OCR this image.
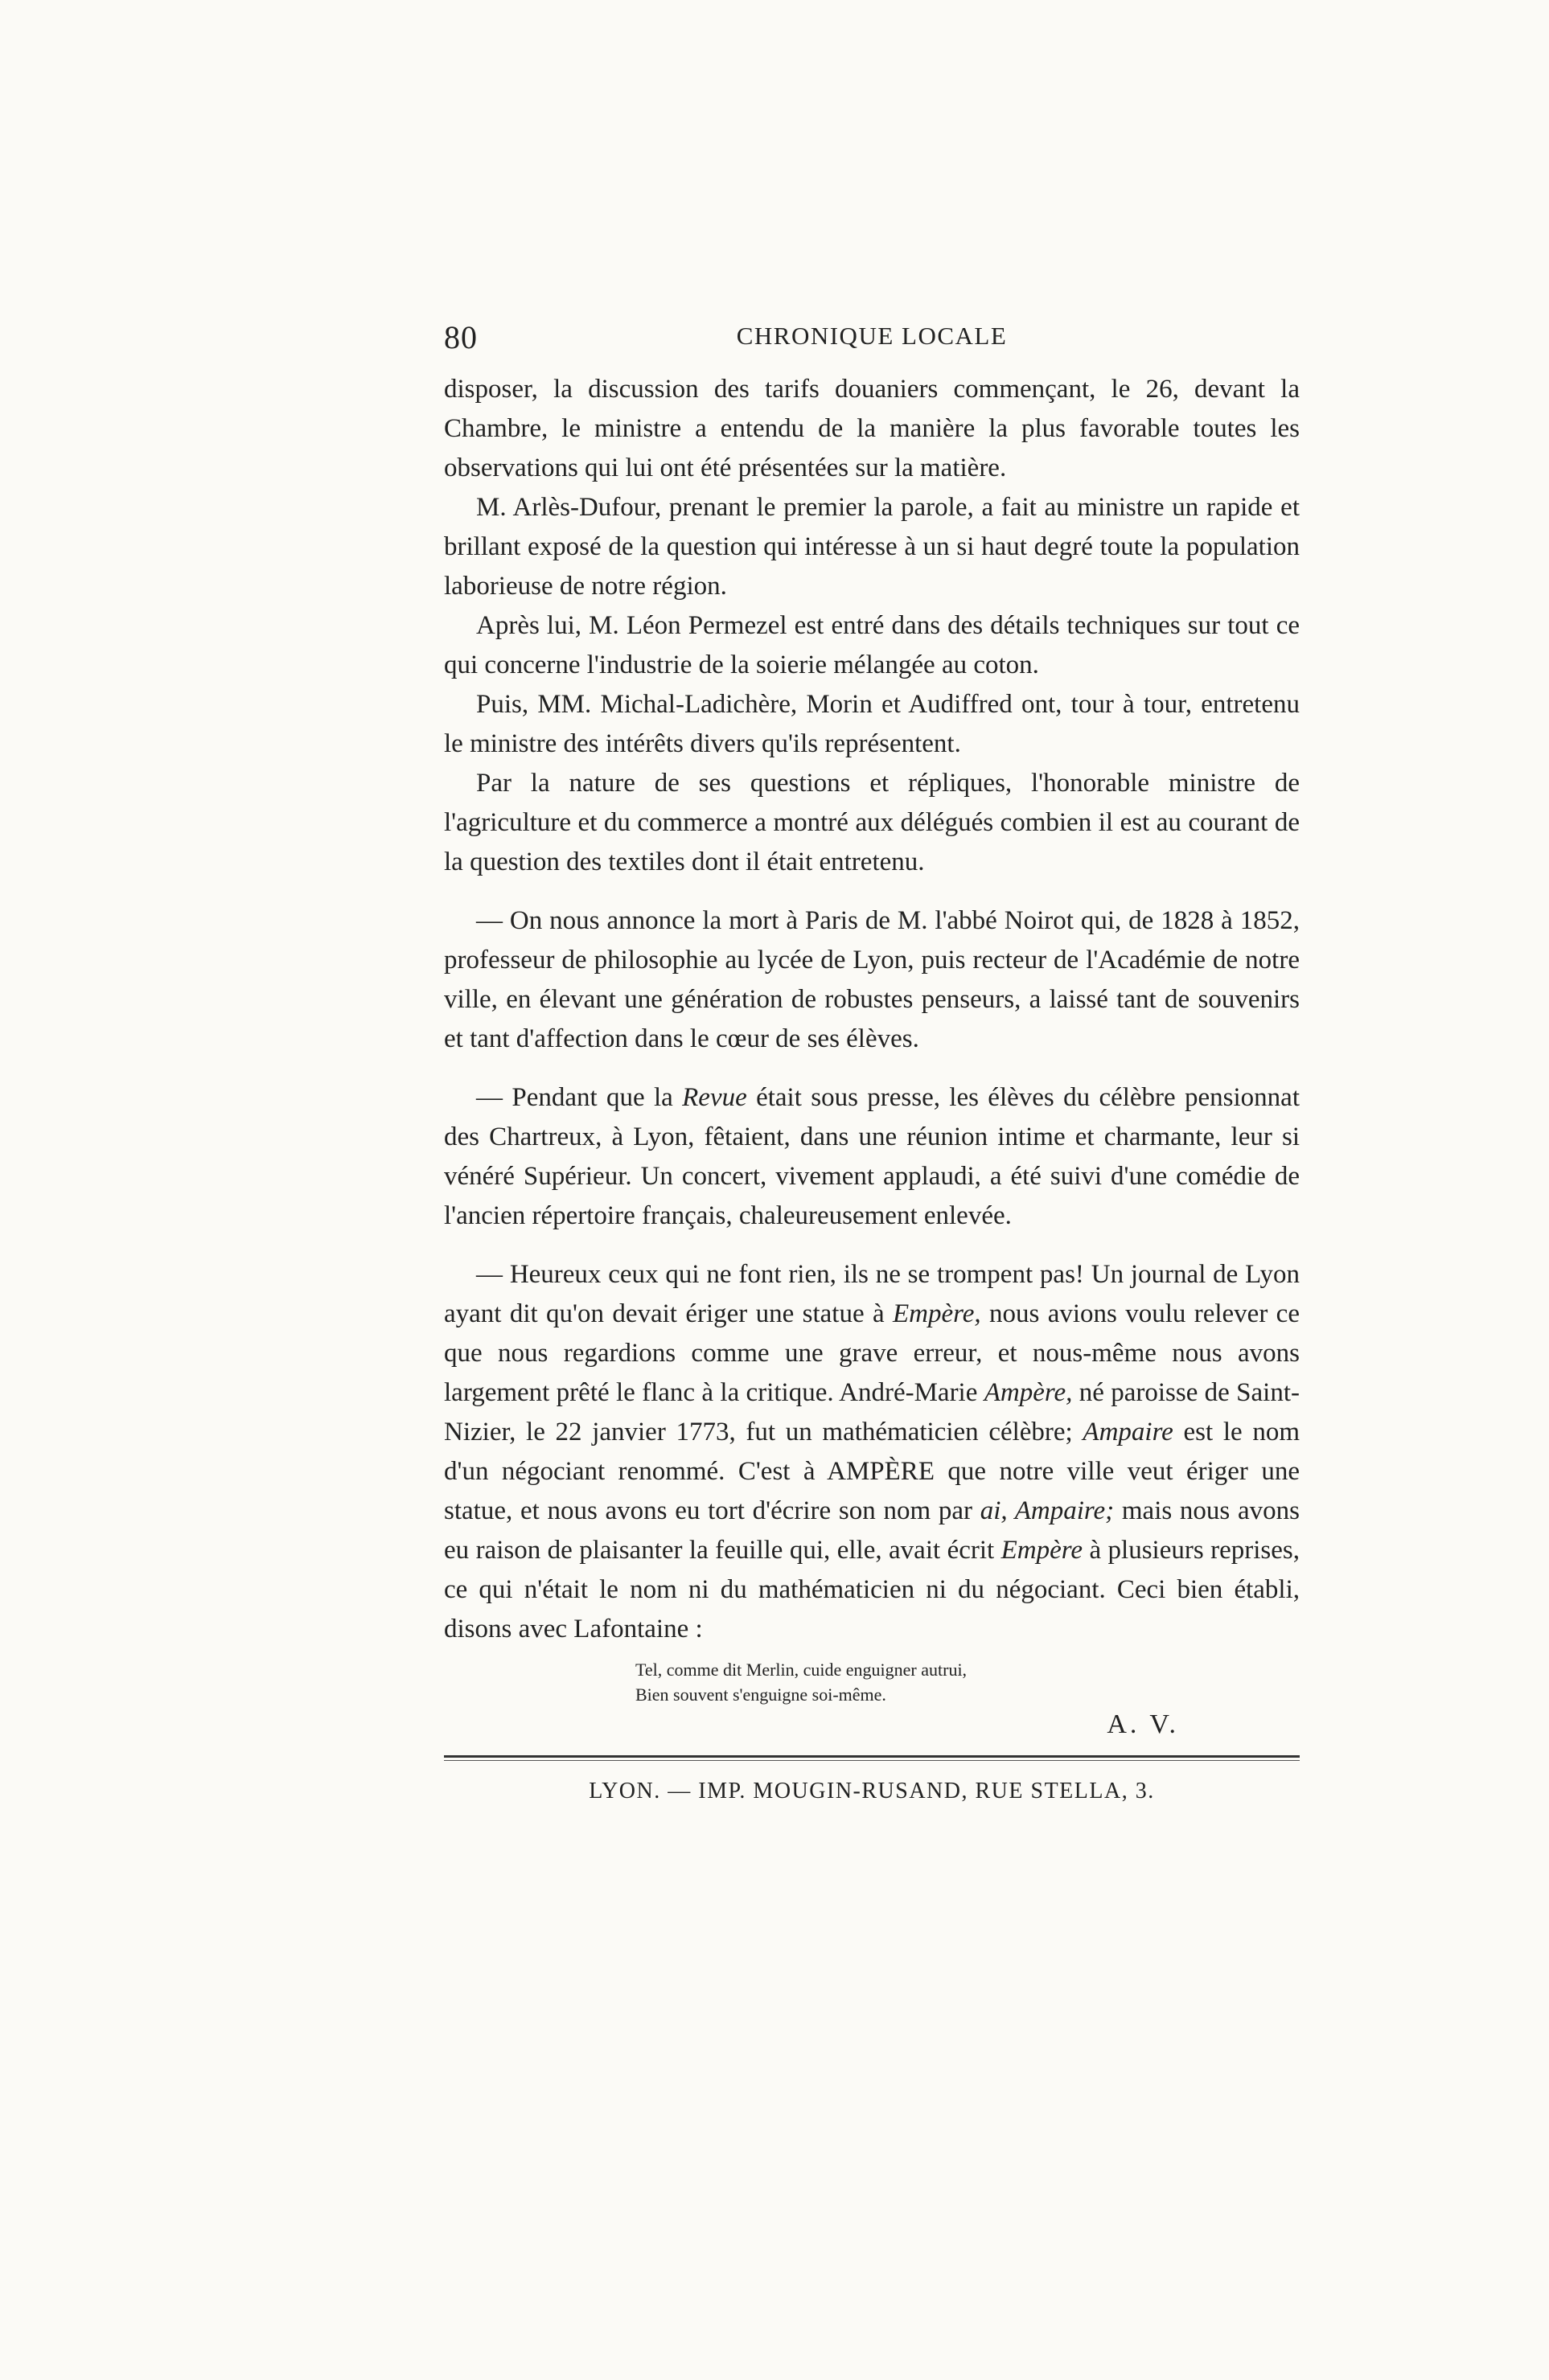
80	CHRONIQUE LOCALE

disposer, la discussion des tarifs douaniers commençant, le 26, devant la Chambre, le ministre a entendu de la manière la plus favorable toutes les observations qui lui ont été présentées sur la matière.

M. Arlès-Dufour, prenant le premier la parole, a fait au ministre un rapide et brillant exposé de la question qui intéresse à un si haut degré toute la population laborieuse de notre région.

Après lui, M. Léon Permezel est entré dans des détails techniques sur tout ce qui concerne l'industrie de la soierie mélangée au coton.

Puis, MM. Michal-Ladichère, Morin et Audiffred ont, tour à tour, entretenu le ministre des intérêts divers qu'ils représentent.

Par la nature de ses questions et répliques, l'honorable ministre de l'agriculture et du commerce a montré aux délégués combien il est au courant de la question des textiles dont il était entretenu.

— On nous annonce la mort à Paris de M. l'abbé Noirot qui, de 1828 à 1852, professeur de philosophie au lycée de Lyon, puis recteur de l'Académie de notre ville, en élevant une génération de robustes penseurs, a laissé tant de souvenirs et tant d'affection dans le cœur de ses élèves.

— Pendant que la Revue était sous presse, les élèves du célèbre pensionnat des Chartreux, à Lyon, fêtaient, dans une réunion intime et charmante, leur si vénéré Supérieur. Un concert, vivement applaudi, a été suivi d'une comédie de l'ancien répertoire français, chaleureusement enlevée.

— Heureux ceux qui ne font rien, ils ne se trompent pas! Un journal de Lyon ayant dit qu'on devait ériger une statue à Empère, nous avions voulu relever ce que nous regardions comme une grave erreur, et nous-même nous avons largement prêté le flanc à la critique. André-Marie Ampère, né paroisse de Saint-Nizier, le 22 janvier 1773, fut un mathématicien célèbre; Ampaire est le nom d'un négociant renommé. C'est à AMPÈRE que notre ville veut ériger une statue, et nous avons eu tort d'écrire son nom par ai, Ampaire; mais nous avons eu raison de plaisanter la feuille qui, elle, avait écrit Empère à plusieurs reprises, ce qui n'était le nom ni du mathématicien ni du négociant. Ceci bien établi, disons avec Lafontaine :

Tel, comme dit Merlin, cuide enguigner autrui,
Bien souvent s'enguigne soi-même.
A. V.
LYON. — IMP. MOUGIN-RUSAND, RUE STELLA, 3.
